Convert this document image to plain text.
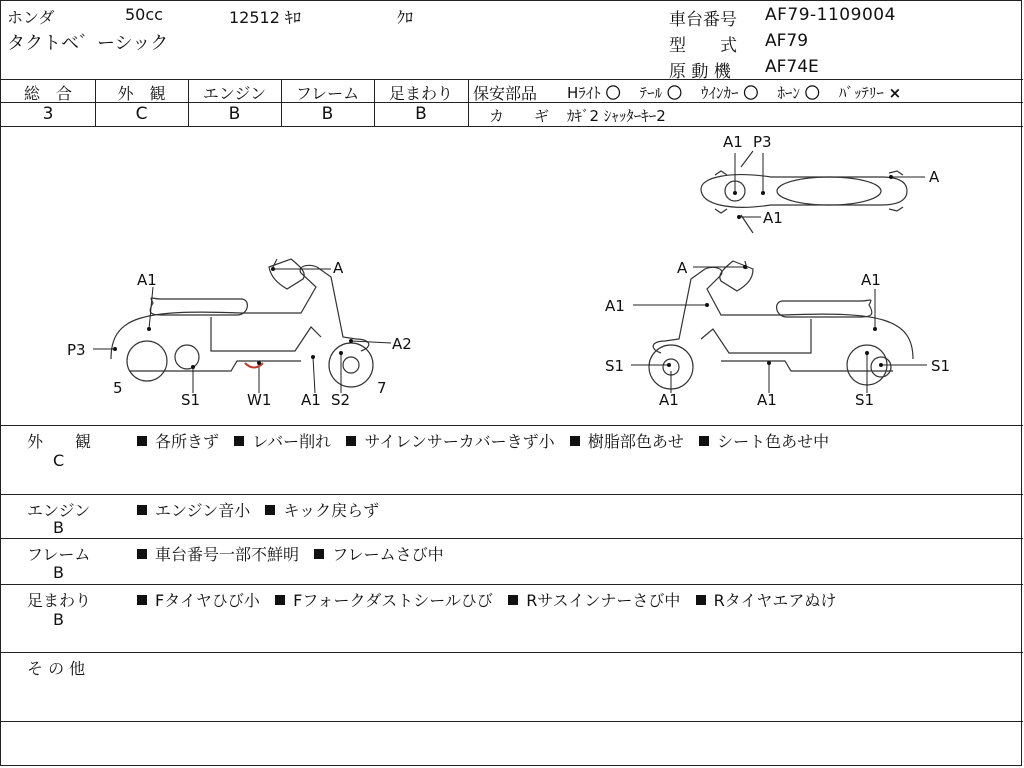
ホンダ	50cc	12512 ｷﾛ	ｸﾛ
タクトベ゛ーシック
車台番号 AF79-1109004
型　　式 AF79
原 動 機 AF74E
総　合
3
外　観
C
エンジン
B
フレーム
B
足まわり
B
保安部品 Hﾗｲﾄ 〇 ﾃｰﾙ 〇 ｳｲﾝｶｰ 〇 ﾎｰﾝ 〇 ﾊﾞｯﾃﾘｰ ×
カ　　ギ ｶｷﾞ2 ｼｬｯﾀｰｷｰ2
A1
A
P3	A2
5
S1	W1 A1 S2
7
A
A1
A1
S1	S1
A1	A1	S1
A1 P3
A
A1
外　　観
C
各所きず レバー削れ サイレンサーカバーきず小 樹脂部色あせ シート色あせ中
エンジン
B
エンジン音小 キック戻らず
フレーム
B
車台番号一部不鮮明 フレームさび中
足まわり
B
Fタイヤひび小 Fフォークダストシールひび Rサスインナーさび中 Rタイヤエアぬけ
そ の 他
